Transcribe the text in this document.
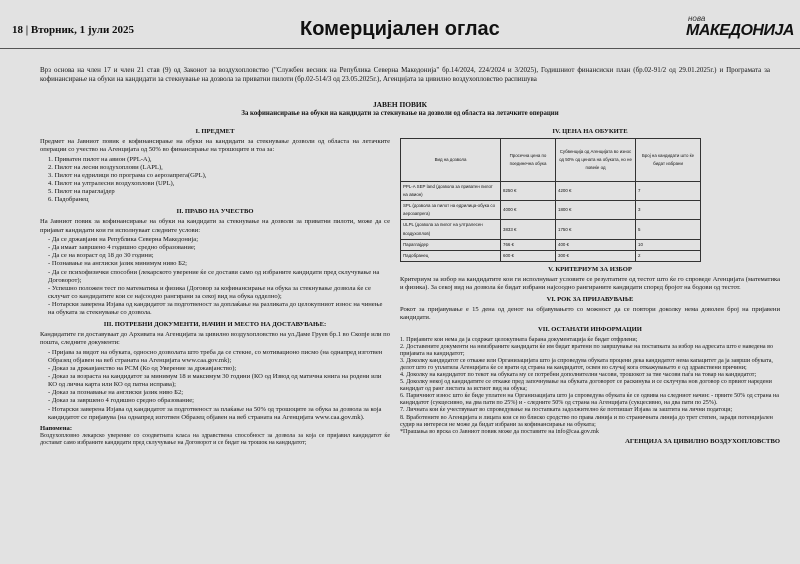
18 | Вторник, 1 јули 2025	Комерцијален оглас	нова
МАКЕДОНИЈА
Врз основа на член 17 и член 21 став (9) од Законот за воздухопловство ("Службен весник на Република Северна Македонија" бр.14/2024, 224/2024 и 3/2025), Годишниот финансиски план (бр.02-91/2 од 29.01.2025г.) и Програмата за кофинансирање на обуки на кандидати за стекнување на дозвола за приватни пилоти (бр.02-514/3 од 23.05.2025г.), Агенцијата за цивилно воздухопловство распишува
ЈАВЕН ПОВИК
За кофинансирање на обуки на кандидати за стекнување на дозволи од областа на летачките операции
I. ПРЕДМЕТ

Предмет на Јавниот повик е кофинансирање на обуки на кандидати за стекнување дозволи од областа на летачките операции со учество на Агенцијата од 50% во финансирање на трошоците и тоа за:

1. Приватен пилот на авион (PPL-A),
2. Пилот на лесни воздухоплови (LAPL),
3. Пилот на едрилици по програма со аерозапрега(GPL),
4. Пилот на ултралесни воздухоплови (UPL),
5. Пилот на параглајдер
6. Падобранец
II. ПРАВО НА УЧЕСТВО

На Јавниот повик за кофинансирање на обуки на кандидати за стекнување на дозволи за приватни пилоти, може да се пријават кандидати кои ги исполнуваат следните услови:

- Да се државјани на Република Северна Македонија;
- Да имаат завршено 4 годишно средно образование;
- Да се на возраст од 18 до 30 години;
- Познавање на англиски јазик минимум ниво Б2;
- Да се психофизички способни (лекарското уверение ќе се достави само од избраните кандидати пред склучување на Договорот);
- Успешно положен тест по математика и физика (Договор за кофинансирање на обука за стекнување дозвола ќе се склучат со кандидатите кои се најсоодно рангирани за секој вид на обука одделно);
- Нотарски заверена Изјава од кандидатот за подготвеност за доплаќање на разликата до целокупниот износ на чинење на обуката за стекнување со дозвола.
III. ПОТРЕБНИ ДОКУМЕНТИ, НАЧИН И МЕСТО НА ДОСТАВУВАЊЕ:

Кандидатите ги доставуваат до Архивата на Агенцијата за цивилно воздухопловство на ул.Даме Груев бр.1 во Скопје или по пошта, следните документи:

- Пријава за видот на обуката, односно дозволата што треба да се стекне, со мотивационо писмо (на однапред изготвен Образец објавен на веб страната на Агенцијата www.caa.gov.mk);
- Доказ за државјанство на РСМ (Ко од Уверение за државјанство);
- Доказ за возраста на кандидатот за минимум 18 и максимум 30 години (КО од Извод од матична книга на родени или КО од лична карта или КО од патна исправа);
- Доказ за познавање на англиски јазик ниво Б2;
- Доказ за завршено 4 годишно средно образование;
- Нотарски заверена Изјава од кандидатот за подготвеност за плаќање на 50% од трошоците за обука за дозвола за која кандидатот се пријавува (на однапред изготвен Образец објавен на веб страната на Агенцијата www.caa.gov.mk).
Напомена:

Воздухопловно лекарско уверение со соодветната класа на здравствена способност за дозвола за која се пријавил кандидатот ќе достават само избраните кандидати пред склучување на Договорот и се бидат на трошок на кандидатот;

IV. ЦЕНА НА ОБУКИТЕ
Вид на дозвола	Просечна цена по поединечна обука	Субвенција од Агенцијата во износ од 50% од цената на обуката, но не повеќе од	Број на кандидати што ќе бидат избрани
PPL-A SEP land (дозвола за приватен пилот на авион)	8250 €	4200 €	7
SPL (дозвола за пилот на едрилица-обука со аерозапрега)	4000 €	1800 €	3
ULPL (дозвола за пилот на ултралесен воздухоплов)	3833 €	1750 €	5
Параглајдер	766 €	400 €	10
Падобранец	600 €	300 €	2
V. КРИТЕРИУМ ЗА ИЗБОР

Критериум за избор на кандидатите кои ги исполнуваат условите се резултатите од тестот што ќе го спроведе Агенцијата (математика и физика). За секој вид на дозвола ќе бидат избрани најсоодно рангираните кандидати според бројот на бодови од тестот.

VI. РОК ЗА ПРИЈАВУВАЊЕ

Рокот за пријавување е 15 дена од денот на објавувањето со можност да се повтори доколку нема доволен број на пријавени кандидати.

VII. ОСТАНАТИ ИНФОРМАЦИИ
1. Пријавите кои нема да ја содржат целокупната барана документација ќе бидат отфрлени;
2. Доставените документи на неизбраните кандидати ќе им бидат вратени по завршување на постапката за избор на адресата што е наведена во пријавата на кандидатот;
3. Доколку кандидатот се откаже или Организацијата што ја спроведува обуката процени дека кандидатот нема капацитет да ја заврши обуката, делот што го уплатила Агенцијата ќе се врати од страна на кандидатот, освен во случај кога откажувањето е од здравствени причини;
4. Доколку на кандидатот по текот на обуката му се потребни дополнителни часови, трошокот за тие часови паѓа на товар на кандидатот;
5. Доколку некој од кандидатите се откаже пред започнување на обуката договорот се раскинува и се склучува нов договор со првиот наредени кандидат од ранг листата за истиот вид на обука;
6. Паричниот износ што ќе биде уплатен на Организацијата што ја спроведува обуката ќе се одвива на следниот начин: - првите 50% од страна на кандидатот (сукцесивно, на два пати по 25%) и - следните 50% од страна на Агенцијата (сукцесивно, на два пати по 25%).
7. Личната кои ќе учествуваат во спроведување на постапката задолжително ќе потпишат Изјава за заштита на лични податоци;
8. Вработените во Агенцијата и лицата кои се во блиско сродство по права линија и по страничната линија до трет степен, заради потенцијален судир на интереси не може да бидат избрани за кофинансирање на обуката;
*Прашања во врска со Јавниот повик може да поставите на info@caa.gov.mk
АГЕНЦИЈА ЗА ЦИВИЛНО ВОЗДУХОПЛОВСТВО
